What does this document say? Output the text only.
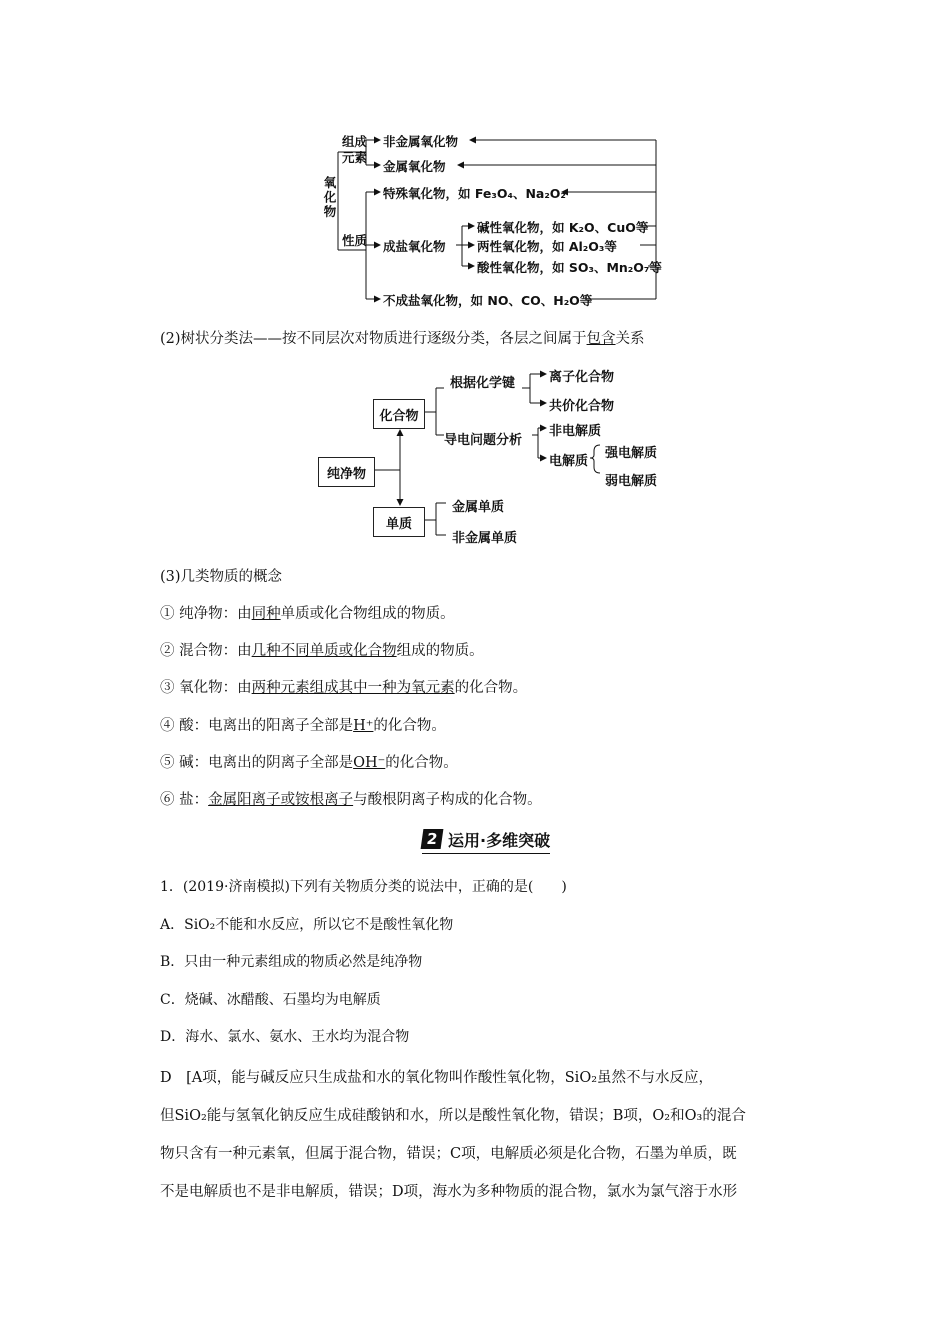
氧化物
组成元素
性质
非金属氧化物
金属氧化物
特殊氧化物，如 Fe₃O₄、Na₂O₂
成盐氧化物
碱性氧化物，如 K₂O、CuO等
两性氧化物，如 Al₂O₃等
酸性氧化物，如 SO₃、Mn₂O₇等
不成盐氧化物，如 NO、CO、H₂O等
(2)树状分类法——按不同层次对物质进行逐级分类，各层之间属于包含关系
化合物
纯净物
单质
根据化学键	离子化合物
共价化合物
导电问题分析
非电解质
电解质
强电解质
弱电解质
金属单质
非金属单质
(3)几类物质的概念
① 纯净物：由同种单质或化合物组成的物质。
② 混合物：由几种不同单质或化合物组成的物质。
③ 氧化物：由两种元素组成其中一种为氧元素的化合物。
④ 酸：电离出的阳离子全部是H⁺的化合物。
⑤ 碱：电离出的阴离子全部是OH⁻的化合物。
⑥ 盐：金属阳离子或铵根离子与酸根阴离子构成的化合物。
2 运用·多维突破
1．(2019·济南模拟)下列有关物质分类的说法中，正确的是(　　)
A．SiO₂不能和水反应，所以它不是酸性氧化物
B．只由一种元素组成的物质必然是纯净物
C．烧碱、冰醋酸、石墨均为电解质
D．海水、氯水、氨水、王水均为混合物
D　[A项，能与碱反应只生成盐和水的氧化物叫作酸性氧化物，SiO₂虽然不与水反应，
但SiO₂能与氢氧化钠反应生成硅酸钠和水，所以是酸性氧化物，错误；B项，O₂和O₃的混合
物只含有一种元素氧，但属于混合物，错误；C项，电解质必须是化合物，石墨为单质，既
不是电解质也不是非电解质，错误；D项，海水为多种物质的混合物，氯水为氯气溶于水形
